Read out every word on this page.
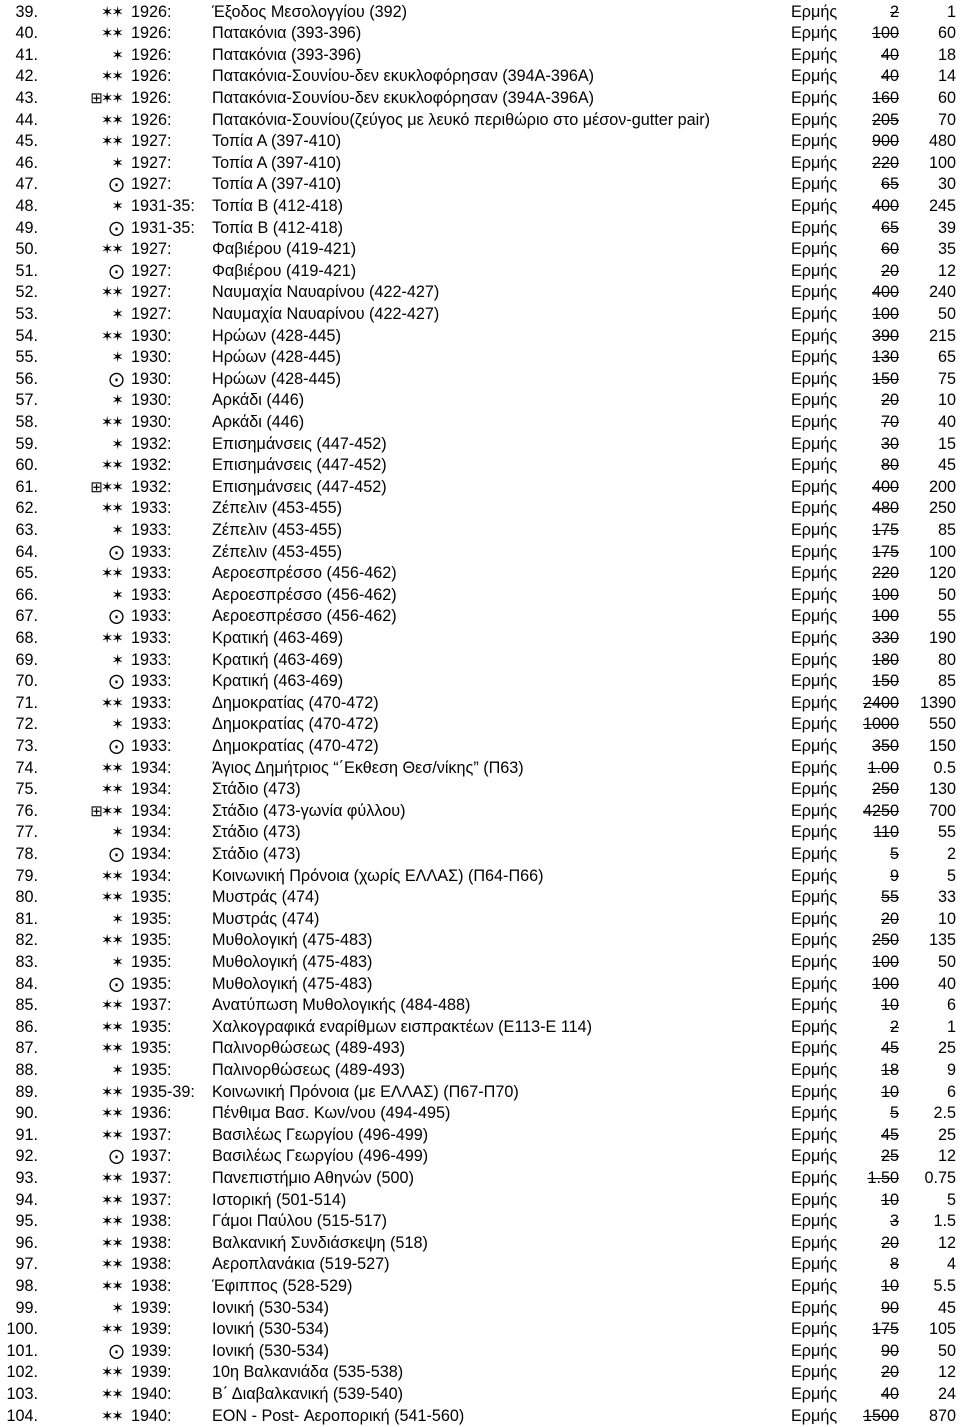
39.	✶✶ 1926: Έξοδος Μεσολογγίου (392)	Ερμής	2	1
40.	✶✶ 1926: Πατακόνια (393-396)	Ερμής	100	60
41.	✶ 1926: Πατακόνια (393-396)	Ερμής	40	18
42.	✶✶ 1926: Πατακόνια-Σουνίου-δεν εκυκλοφόρησαν (394Α-396Α)	Ερμής	40	14
43.	⊞✶✶ 1926: Πατακόνια-Σουνίου-δεν εκυκλοφόρησαν (394Α-396Α)	Ερμής	160	60
44.	✶✶ 1926: Πατακόνια-Σουνίου(ζεύγος με λευκό περιθώριο στο μέσον-gutter pair)	Ερμής	205	70
45.	✶✶ 1927: Τοπία Α (397-410)	Ερμής	900	480
46.	✶ 1927: Τοπία Α (397-410)	Ερμής	220	100
47.	⨀ 1927: Τοπία Α (397-410)	Ερμής	65	30
48.	✶ 1931-35: Τοπία Β (412-418)	Ερμής	400	245
49.	⨀ 1931-35: Τοπία Β (412-418)	Ερμής	65	39
50.	✶✶ 1927: Φαβιέρου (419-421)	Ερμής	60	35
51.	⨀ 1927: Φαβιέρου (419-421)	Ερμής	20	12
52.	✶✶ 1927: Ναυμαχία Ναυαρίνου (422-427)	Ερμής	400	240
53.	✶ 1927: Ναυμαχία Ναυαρίνου (422-427)	Ερμής	100	50
54.	✶✶ 1930: Ηρώων (428-445)	Ερμής	390	215
55.	✶ 1930: Ηρώων (428-445)	Ερμής	130	65
56.	⨀ 1930: Ηρώων (428-445)	Ερμής	150	75
57.	✶ 1930: Αρκάδι (446)	Ερμής	20	10
58.	✶✶ 1930: Αρκάδι (446)	Ερμής	70	40
59.	✶ 1932: Επισημάνσεις (447-452)	Ερμής	30	15
60.	✶✶ 1932: Επισημάνσεις (447-452)	Ερμής	80	45
61.	⊞✶✶ 1932: Επισημάνσεις (447-452)	Ερμής	400	200
62.	✶✶ 1933: Ζέπελιν (453-455)	Ερμής	480	250
63.	✶ 1933: Ζέπελιν (453-455)	Ερμής	175	85
64.	⨀ 1933: Ζέπελιν (453-455)	Ερμής	175	100
65.	✶✶ 1933: Αεροεσπρέσσο (456-462)	Ερμής	220	120
66.	✶ 1933: Αεροεσπρέσσο (456-462)	Ερμής	100	50
67.	⨀ 1933: Αεροεσπρέσσο (456-462)	Ερμής	100	55
68.	✶✶ 1933: Κρατική (463-469)	Ερμής	330	190
69.	✶ 1933: Κρατική (463-469)	Ερμής	180	80
70.	⨀ 1933: Κρατική (463-469)	Ερμής	150	85
71.	✶✶ 1933: Δημοκρατίας (470-472)	Ερμής	2400	1390
72.	✶ 1933: Δημοκρατίας (470-472)	Ερμής	1000	550
73.	⨀ 1933: Δημοκρατίας (470-472)	Ερμής	350	150
74.	✶✶ 1934: Άγιος Δημήτριος “΄Εκθεση Θεσ/νίκης” (Π63)	Ερμής	1.00	0.5
75.	✶✶ 1934: Στάδιο (473)	Ερμής	250	130
76.	⊞✶✶ 1934: Στάδιο (473-γωνία φύλλου)	Ερμής	4250	700
77.	✶ 1934: Στάδιο (473)	Ερμής	110	55
78.	⨀ 1934: Στάδιο (473)	Ερμής	5	2
79.	✶✶ 1934: Κοινωνική Πρόνοια (χωρίς ΕΛΛΑΣ) (Π64-Π66)	Ερμής	9	5
80.	✶✶ 1935: Μυστράς (474)	Ερμής	55	33
81.	✶ 1935: Μυστράς (474)	Ερμής	20	10
82.	✶✶ 1935: Μυθολογική (475-483)	Ερμής	250	135
83.	✶ 1935: Μυθολογική (475-483)	Ερμής	100	50
84.	⨀ 1935: Μυθολογική (475-483)	Ερμής	100	40
85.	✶✶ 1937: Ανατύπωση Μυθολογικής (484-488)	Ερμής	10	6
86.	✶✶ 1935: Χαλκογραφικά εναρίθμων εισπρακτέων (Ε113-Ε 114)	Ερμής	2	1
87.	✶✶ 1935: Παλινορθώσεως (489-493)	Ερμής	45	25
88.	✶ 1935: Παλινορθώσεως (489-493)	Ερμής	18	9
89.	✶✶ 1935-39: Κοινωνική Πρόνοια (με ΕΛΛΑΣ) (Π67-Π70)	Ερμής	10	6
90.	✶✶ 1936: Πένθιμα Βασ. Κων/νου (494-495)	Ερμής	5	2.5
91.	✶✶ 1937: Βασιλέως Γεωργίου (496-499)	Ερμής	45	25
92.	⨀ 1937: Βασιλέως Γεωργίου (496-499)	Ερμής	25	12
93.	✶✶ 1937: Πανεπιστήμιο Αθηνών (500)	Ερμής	1.50	0.75
94.	✶✶ 1937: Ιστορική (501-514)	Ερμής	10	5
95.	✶✶ 1938: Γάμοι Παύλου (515-517)	Ερμής	3	1.5
96.	✶✶ 1938: Βαλκανική Συνδιάσκεψη (518)	Ερμής	20	12
97.	✶✶ 1938: Αεροπλανάκια (519-527)	Ερμής	8	4
98.	✶✶ 1938: Έφιππος (528-529)	Ερμής	10	5.5
99.	✶ 1939: Ιονική (530-534)	Ερμής	90	45
100.	✶✶ 1939: Ιονική (530-534)	Ερμής	175	105
101.	⨀ 1939: Ιονική (530-534)	Ερμής	90	50
102.	✶✶ 1939: 10η Βαλκανιάδα (535-538)	Ερμής	20	12
103.	✶✶ 1940: Β΄ Διαβαλκανική (539-540)	Ερμής	40	24
104.	✶✶ 1940: ΕΟΝ - Post- Αεροπορική (541-560)	Ερμής	1500	870
